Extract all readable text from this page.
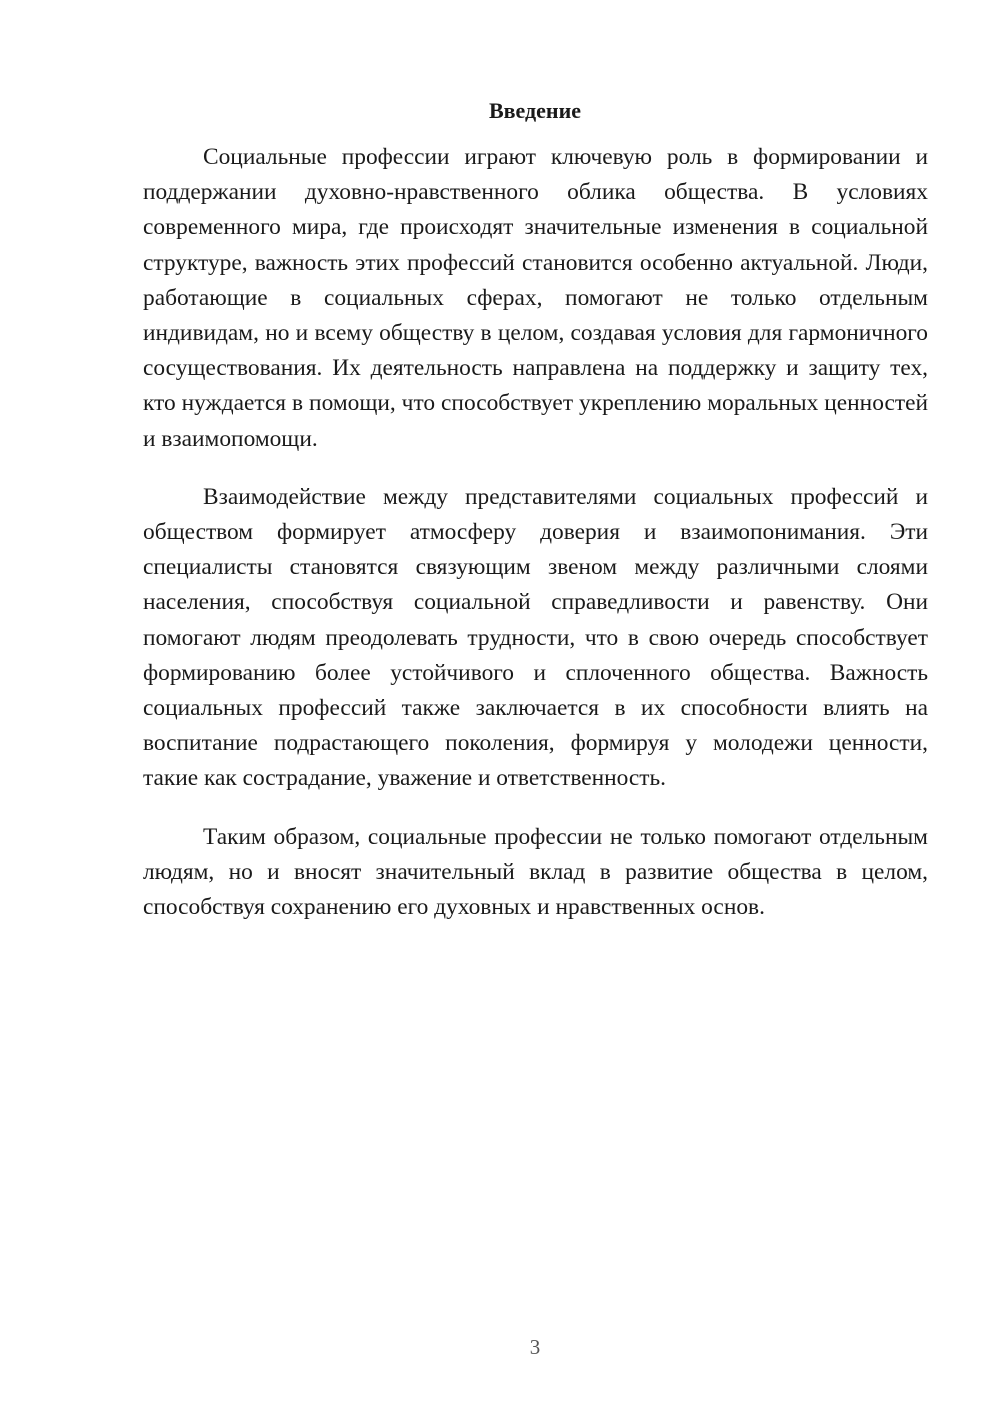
Введение

Социальные профессии играют ключевую роль в формировании и поддержании духовно-нравственного облика общества. В условиях современного мира, где происходят значительные изменения в социальной структуре, важность этих профессий становится особенно актуальной. Люди, работающие в социальных сферах, помогают не только отдельным индивидам, но и всему обществу в целом, создавая условия для гармоничного сосуществования. Их деятельность направлена на поддержку и защиту тех, кто нуждается в помощи, что способствует укреплению моральных ценностей и взаимопомощи.

Взаимодействие между представителями социальных профессий и обществом формирует атмосферу доверия и взаимопонимания. Эти специалисты становятся связующим звеном между различными слоями населения, способствуя социальной справедливости и равенству. Они помогают людям преодолевать трудности, что в свою очередь способствует формированию более устойчивого и сплоченного общества. Важность социальных профессий также заключается в их способности влиять на воспитание подрастающего поколения, формируя у молодежи ценности, такие как сострадание, уважение и ответственность.

Таким образом, социальные профессии не только помогают отдельным людям, но и вносят значительный вклад в развитие общества в целом, способствуя сохранению его духовных и нравственных основ.

3
